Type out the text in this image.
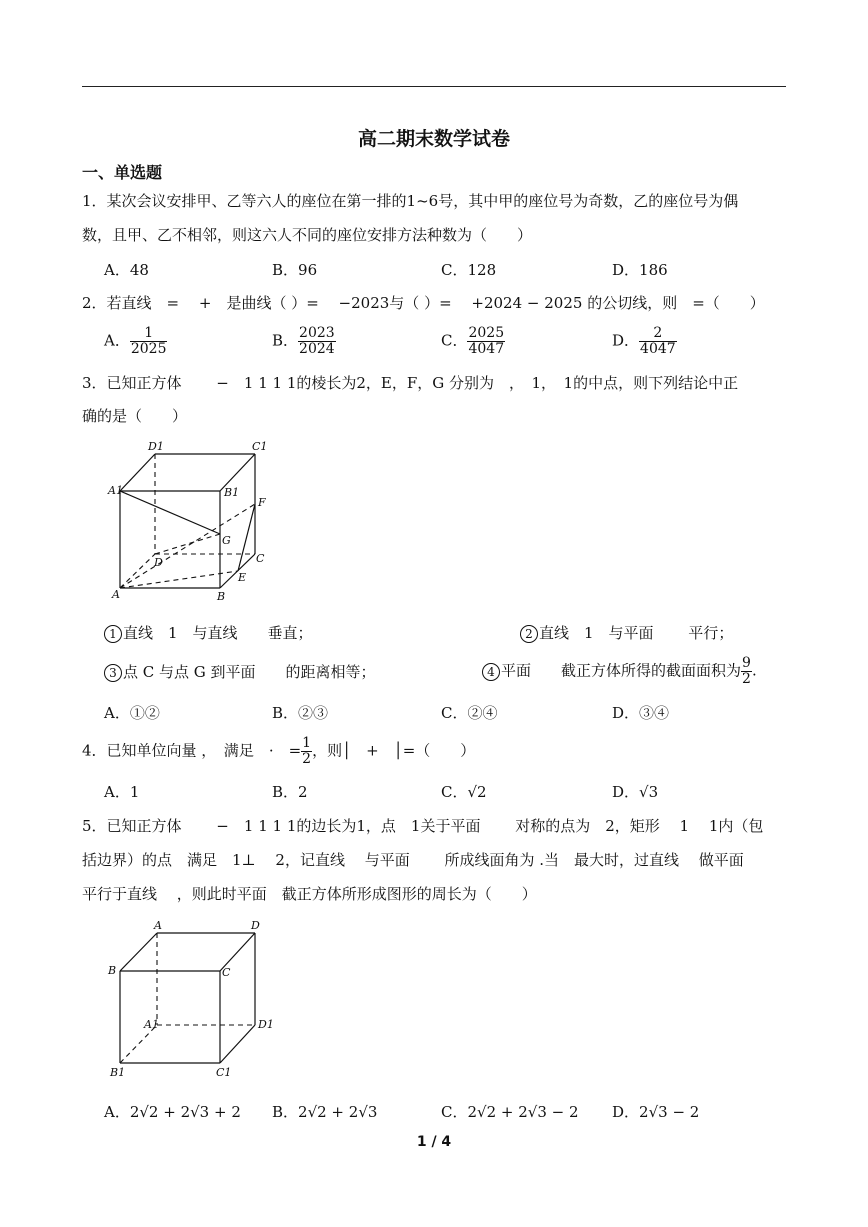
高二期末数学试卷
一、单选题
1．某次会议安排甲、乙等六人的座位在第一排的1~6号，其中甲的座位号为奇数，乙的座位号为偶
数，且甲、乙不相邻，则这六人不同的座位安排方法种数为（　　）
A．48	B．96	C．128	D．186
2．若直线　=　 +　是曲线（ ）=　 −2023与（ ）=　 +2024 − 2025 的公切线，则　=（　　）
A． $\frac{1}{2025}$	B． $\frac{2023}{2024}$	C． $\frac{2025}{4047}$	D． $\frac{2}{4047}$
3．已知正方体　　 −　1 1 1 1的棱长为2，E，F，G 分别为　，　1，　1的中点，则下列结论中正
确的是（　　）
D1	C1
A1	B1
F
G
D	C
E
A	B
1 直线　1　与直线　　垂直；	2 直线　1　与平面　　 平行；
3 点 C 与点 G 到平面　　的距离相等；	4 平面　　截正方体所得的截面面积为 $\frac{9}{2}$ .
A．①②	B．②③	C．②④	D．③④
4．已知单位向量 ，　满足　·　= $\frac{1}{2}$ ，则│　+　│=（　　）
A．1	B．2	C．√2	D．√3
5．已知正方体　　 −　1 1 1 1的边长为1，点　1关于平面　　 对称的点为　2，矩形　 1　 1内（包
括边界）的点　满足　1⊥　 2，记直线　 与平面　　 所成线面角为 .当　最大时，过直线　 做平面
平行于直线　 ，则此时平面　截正方体所形成图形的周长为（　　）
A	D
B	C
A1	D1
B1	C1
A．2√2 + 2√3 + 2 B．2√2 + 2√3	C．2√2 + 2√3 − 2 D．2√3 − 2
1 / 4
